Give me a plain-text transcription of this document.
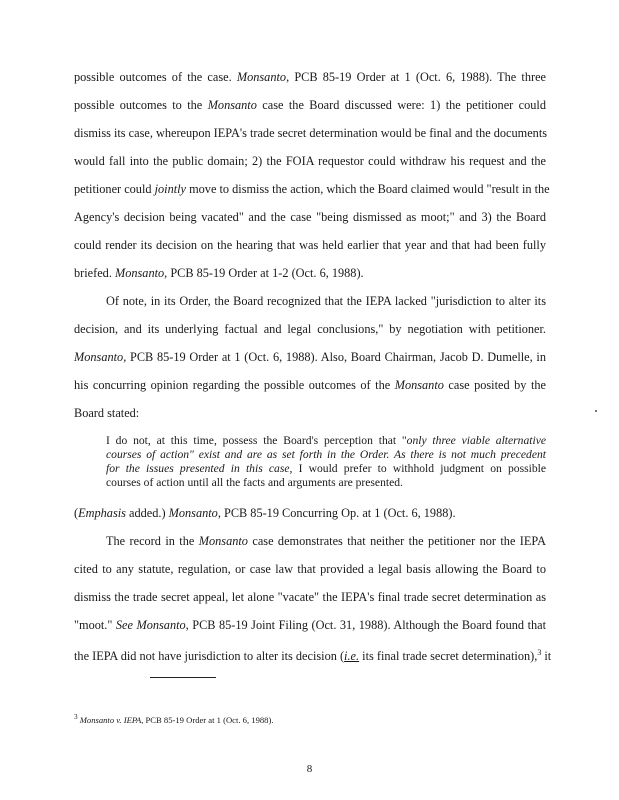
possible outcomes of the case. Monsanto, PCB 85-19 Order at 1 (Oct. 6, 1988). The three
possible outcomes to the Monsanto case the Board discussed were: 1) the petitioner could
dismiss its case, whereupon IEPA's trade secret determination would be final and the documents
would fall into the public domain; 2) the FOIA requestor could withdraw his request and the
petitioner could jointly move to dismiss the action, which the Board claimed would "result in the
Agency's decision being vacated" and the case "being dismissed as moot;" and 3) the Board
could render its decision on the hearing that was held earlier that year and that had been fully
briefed. Monsanto, PCB 85-19 Order at 1-2 (Oct. 6, 1988).
Of note, in its Order, the Board recognized that the IEPA lacked "jurisdiction to alter its
decision, and its underlying factual and legal conclusions," by negotiation with petitioner.
Monsanto, PCB 85-19 Order at 1 (Oct. 6, 1988). Also, Board Chairman, Jacob D. Dumelle, in
his concurring opinion regarding the possible outcomes of the Monsanto case posited by the
Board stated:
I do not, at this time, possess the Board's perception that "only three viable alternative
courses of action" exist and are as set forth in the Order. As there is not much precedent
for the issues presented in this case, I would prefer to withhold judgment on possible
courses of action until all the facts and arguments are presented.
(Emphasis added.) Monsanto, PCB 85-19 Concurring Op. at 1 (Oct. 6, 1988).
The record in the Monsanto case demonstrates that neither the petitioner nor the IEPA
cited to any statute, regulation, or case law that provided a legal basis allowing the Board to
dismiss the trade secret appeal, let alone "vacate" the IEPA's final trade secret determination as
"moot." See Monsanto, PCB 85-19 Joint Filing (Oct. 31, 1988). Although the Board found that
the IEPA did not have jurisdiction to alter its decision (i.e. its final trade secret determination),$^3$ it
$^3$ Monsanto v. IEPA, PCB 85-19 Order at 1 (Oct. 6, 1988).
8
